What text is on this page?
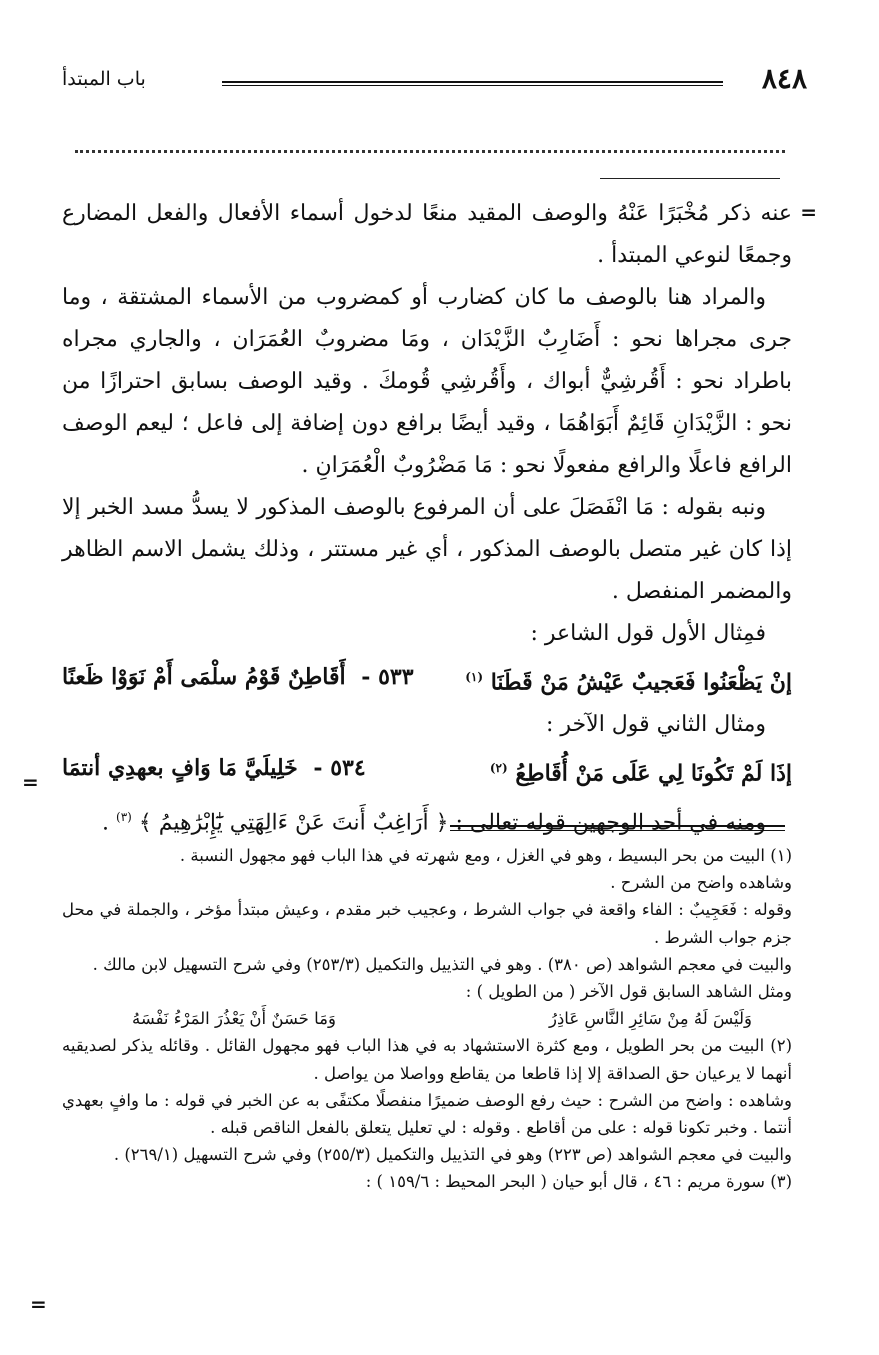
٨٤٨
باب المبتدأ
=
=
=

عنه ذكر مُخْبَرًا عَنْهُ والوصف المقيد منعًا لدخول أسماء الأفعال والفعل المضارع وجمعًا لنوعي المبتدأ .

والمراد هنا بالوصف ما كان كضارب أو كمضروب من الأسماء المشتقة ، وما جرى مجراها نحو : أَضَارِبٌ الزَّيْدَان ، ومَا مضروبٌ العُمَرَان ، والجاري مجراه باطراد نحو : أَقُرشِيٌّ أبواك ، وأَقُرشِي قُومكَ . وقيد الوصف بسابق احترازًا من نحو : الزَّيْدَانِ قَائِمٌ أَبَوَاهُمَا ، وقيد أيضًا برافع دون إضافة إلى فاعل ؛ ليعم الوصف الرافع فاعلًا والرافع مفعولًا نحو : مَا مَضْرُوبٌ الْعُمَرَانِ .

ونبه بقوله : مَا انْفَصَلَ على أن المرفوع بالوصف المذكور لا يسدُّ مسد الخبر إلا إذا كان غير متصل بالوصف المذكور ، أي غير مستتر ، وذلك يشمل الاسم الظاهر والمضمر المنفصل .

فمِثال الأول قول الشاعر :

٥٣٣ - أَقَاطِنٌ قَوْمُ سلْمَى أَمْ نَوَوْا ظَعنًا	إنْ يَظْعَنُوا فَعَجيبٌ عَيْشُ مَنْ قَطَنَا $^{(١)}$

ومثال الثاني قول الآخر :

٥٣٤ - خَلِيلَيَّ مَا وَافٍ بعهدِي أنتمَا	إذَا لَمْ تَكُونَا لِي عَلَى مَنْ أُقَاطِعُ $^{(٢)}$

ومنه في أحد الوجهين قوله تعالى : ﴿ أَرَاغِبٌ أَنتَ عَنْ ءَالِهَتِي يَٰٓإِبْرَٰهِيمُ ﴾ $^{(٣)}$ .

(١) البيت من بحر البسيط ، وهو في الغزل ، ومع شهرته في هذا الباب فهو مجهول النسبة .

وشاهده واضح من الشرح .

وقوله : فَعَجِيبٌ : الفاء واقعة في جواب الشرط ، وعجيب خبر مقدم ، وعيش مبتدأ مؤخر ، والجملة في محل جزم جواب الشرط .

والبيت في معجم الشواهد (ص ٣٨٠) . وهو في التذييل والتكميل (٢٥٣/٣) وفي شرح التسهيل لابن مالك .

ومثل الشاهد السابق قول الآخر ( من الطويل ) :

وَمَا حَسَنٌ أَنْ يَعْذُرَ المَرْءُ نَفْسَهُ	وَلَيْسَ لَهُ مِنْ سَائِرِ النَّاسِ عَاذِرُ

(٢) البيت من بحر الطويل ، ومع كثرة الاستشهاد به في هذا الباب فهو مجهول القائل . وقائله يذكر لصديقيه أنهما لا يرعيان حق الصداقة إلا إذا قاطعا من يقاطع وواصلا من يواصل .

وشاهده : واضح من الشرح : حيث رفع الوصف ضميرًا منفصلًا مكتفًى به عن الخبر في قوله : ما وافٍ بعهدي أنتما . وخبر تكونا قوله : على من أقاطع . وقوله : لي تعليل يتعلق بالفعل الناقص قبله .

والبيت في معجم الشواهد (ص ٢٢٣) وهو في التذييل والتكميل (٢٥٥/٣) وفي شرح التسهيل (٢٦٩/١) .

(٣) سورة مريم : ٤٦ ، قال أبو حيان ( البحر المحيط : ١٥٩/٦ ) :
